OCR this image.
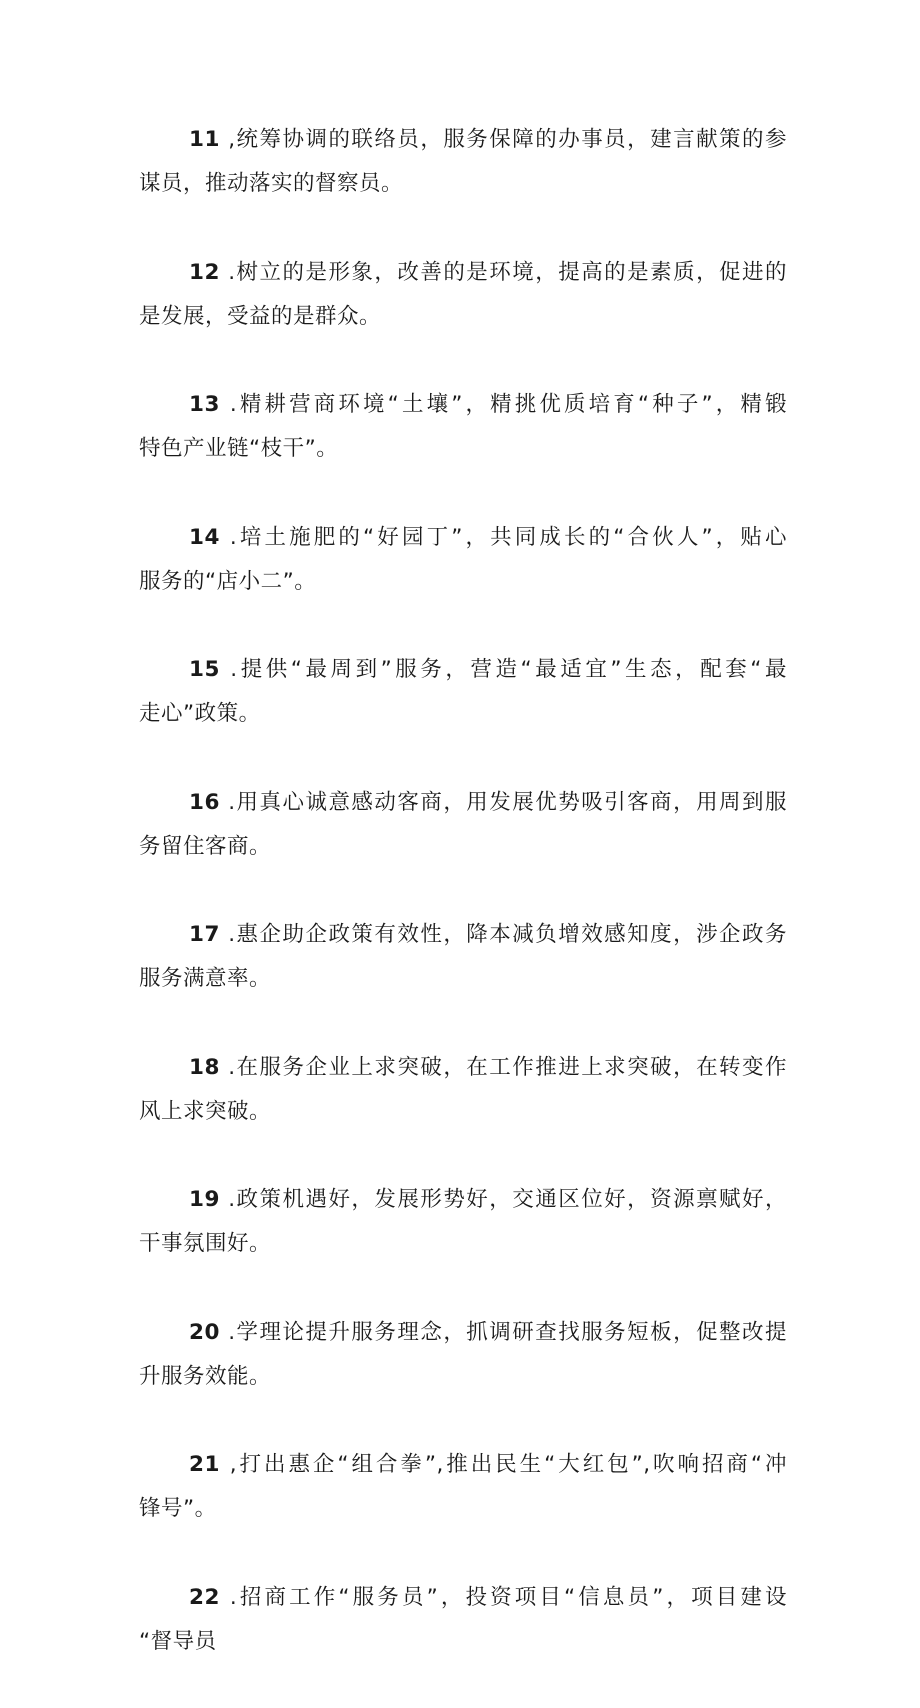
11 ,统筹协调的联络员，服务保障的办事员，建言献策的参
谋员，推动落实的督察员。
12 .树立的是形象，改善的是环境，提高的是素质，促进的
是发展，受益的是群众。
13 .精耕营商环境“土壤”，精挑优质培育“种子”，精锻
特色产业链“枝干”。
14 .培土施肥的“好园丁”，共同成长的“合伙人”，贴心
服务的“店小二”。
15 .提供“最周到”服务，营造“最适宜”生态，配套“最
走心”政策。
16 .用真心诚意感动客商，用发展优势吸引客商，用周到服
务留住客商。
17 .惠企助企政策有效性，降本减负增效感知度，涉企政务
服务满意率。
18 .在服务企业上求突破，在工作推进上求突破，在转变作
风上求突破。
19 .政策机遇好，发展形势好，交通区位好，资源禀赋好，
干事氛围好。
20 .学理论提升服务理念，抓调研查找服务短板，促整改提
升服务效能。
21 ,打出惠企“组合拳”,推出民生“大红包”,吹响招商“冲
锋号”。
22 .招商工作“服务员”，投资项目“信息员”，项目建设
“督导员
